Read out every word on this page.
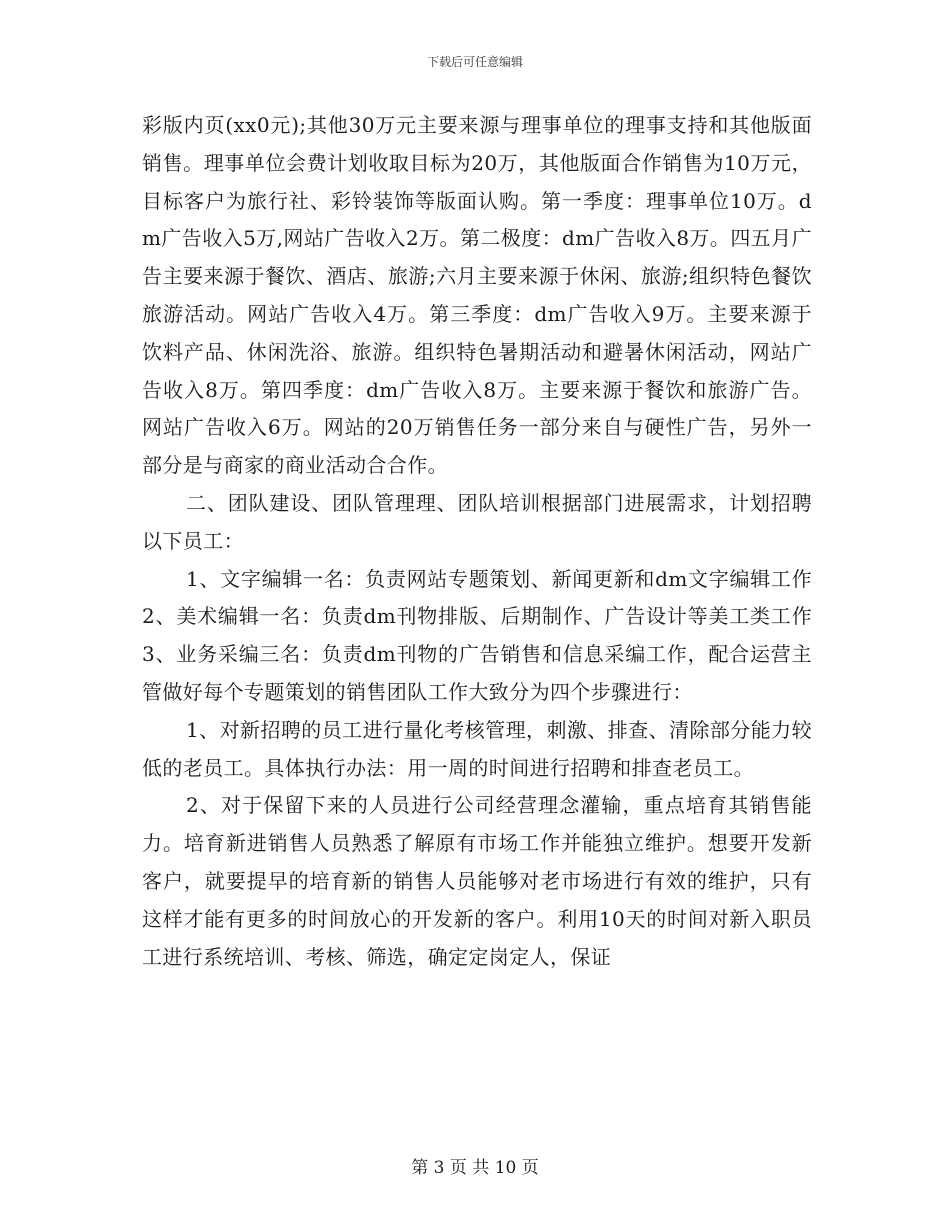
下载后可任意编辑

彩版内页(xx0元);其他30万元主要来源与理事单位的理事支持和其他版面销售。理事单位会费计划收取目标为20万，其他版面合作销售为10万元，目标客户为旅行社、彩铃装饰等版面认购。第一季度：理事单位10万。dm广告收入5万,网站广告收入2万。第二极度：dm广告收入8万。四五月广告主要来源于餐饮、酒店、旅游;六月主要来源于休闲、旅游;组织特色餐饮旅游活动。网站广告收入4万。第三季度：dm广告收入9万。主要来源于饮料产品、休闲洗浴、旅游。组织特色暑期活动和避暑休闲活动，网站广告收入8万。第四季度：dm广告收入8万。主要来源于餐饮和旅游广告。网站广告收入6万。网站的20万销售任务一部分来自与硬性广告，另外一部分是与商家的商业活动合合作。

二、团队建设、团队管理理、团队培训根据部门进展需求，计划招聘以下员工：

1、文字编辑一名：负责网站专题策划、新闻更新和dm文字编辑工作2、美术编辑一名：负责dm刊物排版、后期制作、广告设计等美工类工作3、业务采编三名：负责dm刊物的广告销售和信息采编工作，配合运营主管做好每个专题策划的销售团队工作大致分为四个步骤进行：

1、对新招聘的员工进行量化考核管理，刺激、排查、清除部分能力较低的老员工。具体执行办法：用一周的时间进行招聘和排查老员工。

2、对于保留下来的人员进行公司经营理念灌输，重点培育其销售能力。培育新进销售人员熟悉了解原有市场工作并能独立维护。想要开发新客户，就要提早的培育新的销售人员能够对老市场进行有效的维护，只有这样才能有更多的时间放心的开发新的客户。利用10天的时间对新入职员工进行系统培训、考核、筛选，确定定岗定人，保证

第 3 页 共 10 页
